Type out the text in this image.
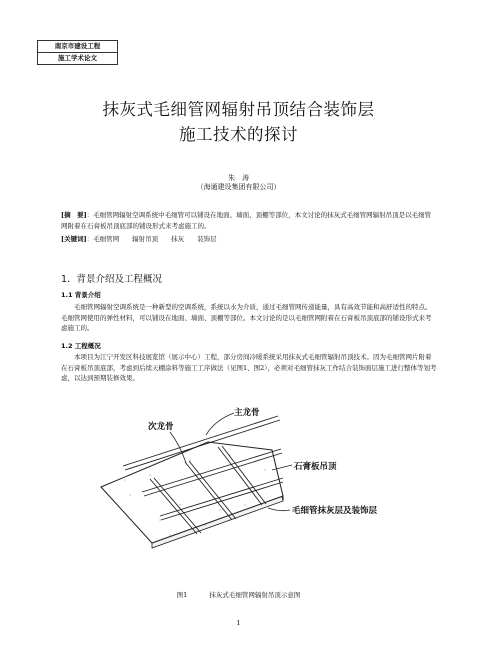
南京市建设工程
施工学术论文
抹灰式毛细管网辐射吊顶结合装饰层
施工技术的探讨
朱　涛
（海通建设集团有限公司）
[摘　要]：毛细管网辐射空调系统中毛细管可以铺设在地面、墙面、顶棚等部位，本文讨论的抹灰式毛细管网辐射吊顶是以毛细管网附着在石膏板吊顶底部的铺设形式来考虑施工的。
[关键词]：毛细管网　　辐射吊顶　　抹灰　　装饰层
1．背景介绍及工程概况
1.1 背景介绍
毛细管网辐射空调系统是一种新型的空调系统，系统以水为介质，通过毛细管网传递能量，具有高效节能和高舒适性的特点。毛细管网使用的弹性材料，可以铺设在地面、墙面、顶棚等部位。本文讨论的是以毛细管网附着在石膏板吊顶底部的铺设形式来考虑施工的。
1.2 工程概况
本项目为江宁开发区科技展览馆（展示中心）工程，部分房间冷暖系统采用抹灰式毛细管辐射吊顶技术。因为毛细管网片附着在石膏板吊顶底部，考虑到后续天棚涂料等施工工序做法（见图1、图2），必须对毛细管抹灰工作结合装饰面层施工进行整体等划考虑，以达到预期装修效果。
次龙骨
主龙骨
石膏板吊顶
毛细管抹灰层及装饰层
图1	抹灰式毛细管网辐射吊顶示意图
1
